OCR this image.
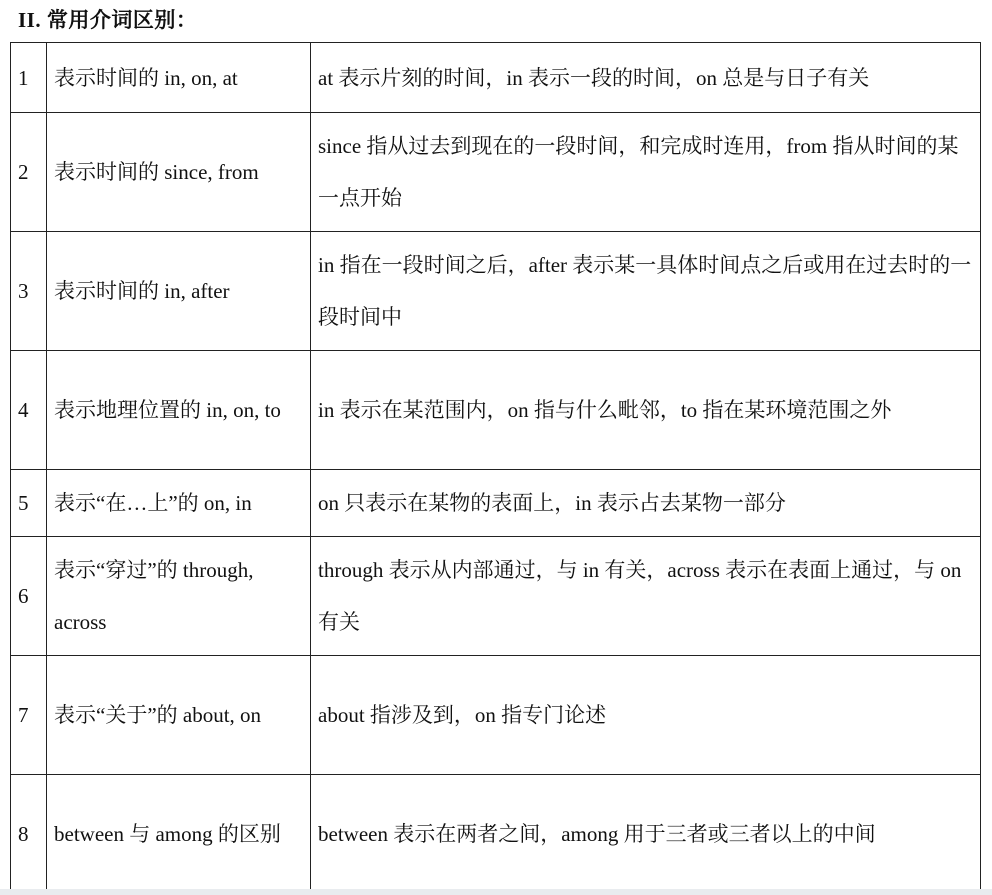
II. 常用介词区别：
1	表示时间的 in, on, at	at 表示片刻的时间，in 表示一段的时间，on 总是与日子有关
2	表示时间的 since, from	since 指从过去到现在的一段时间，和完成时连用，from 指从时间的某一点开始
3	表示时间的 in, after	in 指在一段时间之后，after 表示某一具体时间点之后或用在过去时的一段时间中
4	表示地理位置的 in, on, to	in 表示在某范围内，on 指与什么毗邻，to 指在某环境范围之外
5	表示“在…上”的 on, in	on 只表示在某物的表面上，in 表示占去某物一部分
6	表示“穿过”的 through, across	through 表示从内部通过，与 in 有关，across 表示在表面上通过，与 on 有关
7	表示“关于”的 about, on	about 指涉及到，on 指专门论述
8	between 与 among 的区别	between 表示在两者之间，among 用于三者或三者以上的中间
